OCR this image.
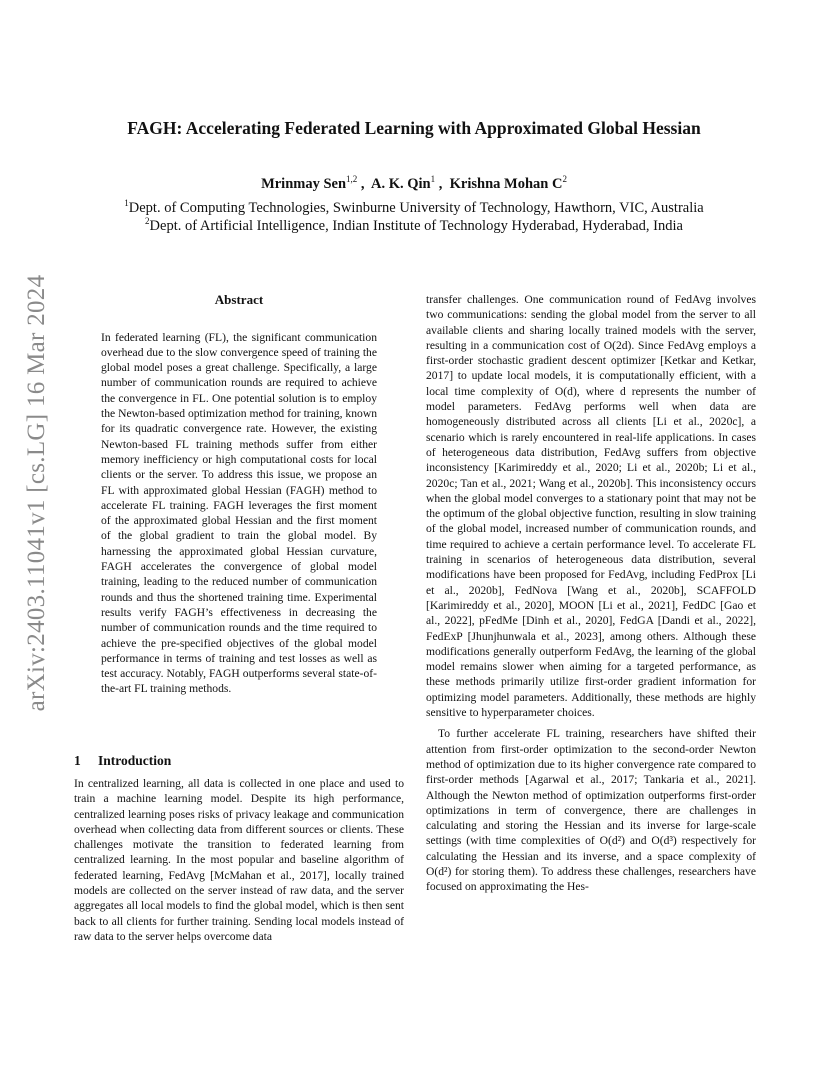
arXiv:2403.11041v1 [cs.LG] 16 Mar 2024
FAGH: Accelerating Federated Learning with Approximated Global Hessian
Mrinmay Sen$^{1,2}$ ,  A. K. Qin$^1$ ,  Krishna Mohan $C^2$
$^1$Dept. of Computing Technologies, Swinburne University of Technology, Hawthorn, VIC, Australia
$^2$Dept. of Artificial Intelligence, Indian Institute of Technology Hyderabad, Hyderabad, India
Abstract

In federated learning (FL), the significant communication overhead due to the slow convergence speed of training the global model poses a great challenge. Specifically, a large number of communication rounds are required to achieve the convergence in FL. One potential solution is to employ the Newton-based optimization method for training, known for its quadratic convergence rate. However, the existing Newton-based FL training methods suffer from either memory inefficiency or high computational costs for local clients or the server. To address this issue, we propose an FL with approximated global Hessian (FAGH) method to accelerate FL training. FAGH leverages the first moment of the approximated global Hessian and the first moment of the global gradient to train the global model. By harnessing the approximated global Hessian curvature, FAGH accelerates the convergence of global model training, leading to the reduced number of communication rounds and thus the shortened training time. Experimental results verify FAGH’s effectiveness in decreasing the number of communication rounds and the time required to achieve the pre-specified objectives of the global model performance in terms of training and test losses as well as test accuracy. Notably, FAGH outperforms several state-of-the-art FL training methods.

1 Introduction

In centralized learning, all data is collected in one place and used to train a machine learning model. Despite its high performance, centralized learning poses risks of privacy leakage and communication overhead when collecting data from different sources or clients. These challenges motivate the transition to federated learning from centralized learning. In the most popular and baseline algorithm of federated learning, FedAvg [McMahan et al., 2017], locally trained models are collected on the server instead of raw data, and the server aggregates all local models to find the global model, which is then sent back to all clients for further training. Sending local models instead of raw data to the server helps overcome data

transfer challenges. One communication round of FedAvg involves two communications: sending the global model from the server to all available clients and sharing locally trained models with the server, resulting in a communication cost of O(2d). Since FedAvg employs a first-order stochastic gradient descent optimizer [Ketkar and Ketkar, 2017] to update local models, it is computationally efficient, with a local time complexity of O(d), where d represents the number of model parameters. FedAvg performs well when data are homogeneously distributed across all clients [Li et al., 2020c], a scenario which is rarely encountered in real-life applications. In cases of heterogeneous data distribution, FedAvg suffers from objective inconsistency [Karimireddy et al., 2020; Li et al., 2020b; Li et al., 2020c; Tan et al., 2021; Wang et al., 2020b]. This inconsistency occurs when the global model converges to a stationary point that may not be the optimum of the global objective function, resulting in slow training of the global model, increased number of communication rounds, and time required to achieve a certain performance level. To accelerate FL training in scenarios of heterogeneous data distribution, several modifications have been proposed for FedAvg, including FedProx [Li et al., 2020b], FedNova [Wang et al., 2020b], SCAFFOLD [Karimireddy et al., 2020], MOON [Li et al., 2021], FedDC [Gao et al., 2022], pFedMe [Dinh et al., 2020], FedGA [Dandi et al., 2022], FedExP [Jhunjhunwala et al., 2023], among others. Although these modifications generally outperform FedAvg, the learning of the global model remains slower when aiming for a targeted performance, as these methods primarily utilize first-order gradient information for optimizing model parameters. Additionally, these methods are highly sensitive to hyperparameter choices.

To further accelerate FL training, researchers have shifted their attention from first-order optimization to the second-order Newton method of optimization due to its higher convergence rate compared to first-order methods [Agarwal et al., 2017; Tankaria et al., 2021]. Although the Newton method of optimization outperforms first-order optimizations in term of convergence, there are challenges in calculating and storing the Hessian and its inverse for large-scale settings (with time complexities of O(d²) and O(d³) respectively for calculating the Hessian and its inverse, and a space complexity of O(d²) for storing them). To address these challenges, researchers have focused on approximating the Hes-
